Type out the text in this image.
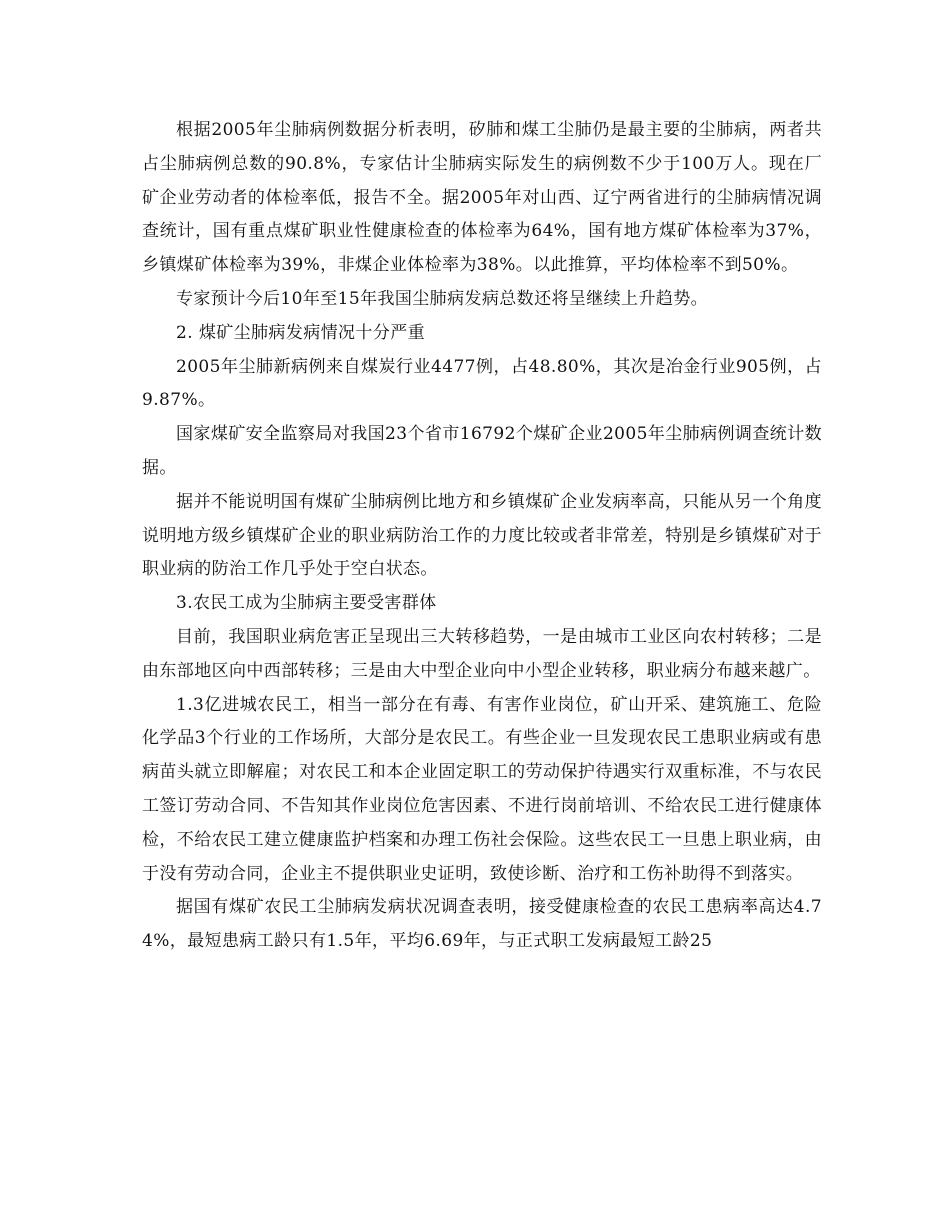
根据2005年尘肺病例数据分析表明，矽肺和煤工尘肺仍是最主要的尘肺病，两者共占尘肺病例总数的90.8%，专家估计尘肺病实际发生的病例数不少于100万人。现在厂矿企业劳动者的体检率低，报告不全。据2005年对山西、辽宁两省进行的尘肺病情况调查统计，国有重点煤矿职业性健康检查的体检率为64%，国有地方煤矿体检率为37%，乡镇煤矿体检率为39%，非煤企业体检率为38%。以此推算，平均体检率不到50%。

专家预计今后10年至15年我国尘肺病发病总数还将呈继续上升趋势。

2. 煤矿尘肺病发病情况十分严重

2005年尘肺新病例来自煤炭行业4477例，占48.80%，其次是冶金行业905例，占9.87%。

国家煤矿安全监察局对我国23个省市16792个煤矿企业2005年尘肺病例调查统计数据。

据并不能说明国有煤矿尘肺病例比地方和乡镇煤矿企业发病率高，只能从另一个角度说明地方级乡镇煤矿企业的职业病防治工作的力度比较或者非常差，特别是乡镇煤矿对于职业病的防治工作几乎处于空白状态。

3.农民工成为尘肺病主要受害群体

目前，我国职业病危害正呈现出三大转移趋势，一是由城市工业区向农村转移；二是由东部地区向中西部转移；三是由大中型企业向中小型企业转移，职业病分布越来越广。

1.3亿进城农民工，相当一部分在有毒、有害作业岗位，矿山开采、建筑施工、危险化学品3个行业的工作场所，大部分是农民工。有些企业一旦发现农民工患职业病或有患病苗头就立即解雇；对农民工和本企业固定职工的劳动保护待遇实行双重标准，不与农民工签订劳动合同、不告知其作业岗位危害因素、不进行岗前培训、不给农民工进行健康体检，不给农民工建立健康监护档案和办理工伤社会保险。这些农民工一旦患上职业病，由于没有劳动合同，企业主不提供职业史证明，致使诊断、治疗和工伤补助得不到落实。

据国有煤矿农民工尘肺病发病状况调查表明，接受健康检查的农民工患病率高达4.74%，最短患病工龄只有1.5年，平均6.69年，与正式职工发病最短工龄25
